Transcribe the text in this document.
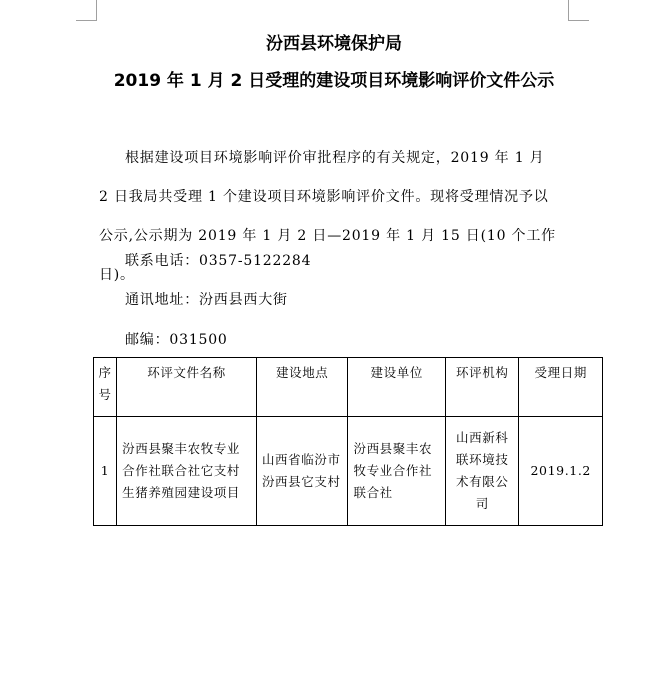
汾西县环境保护局
2019 年 1 月 2 日受理的建设项目环境影响评价文件公示

根据建设项目环境影响评价审批程序的有关规定，2019 年 1 月
2 日我局共受理 1 个建设项目环境影响评价文件。现将受理情况予以
公示,公示期为 2019 年 1 月 2 日—2019 年 1 月 15 日(10 个工作日)。

联系电话：0357-5122284

通讯地址：汾西县西大街

邮编：031500

序号	环评文件名称	建设地点	建设单位	环评机构	受理日期
1	汾西县聚丰农牧专业合作社联合社它支村生猪养殖园建设项目	山西省临汾市汾西县它支村	汾西县聚丰农牧专业合作社联合社	山西新科联环境技术有限公司	2019.1.2
